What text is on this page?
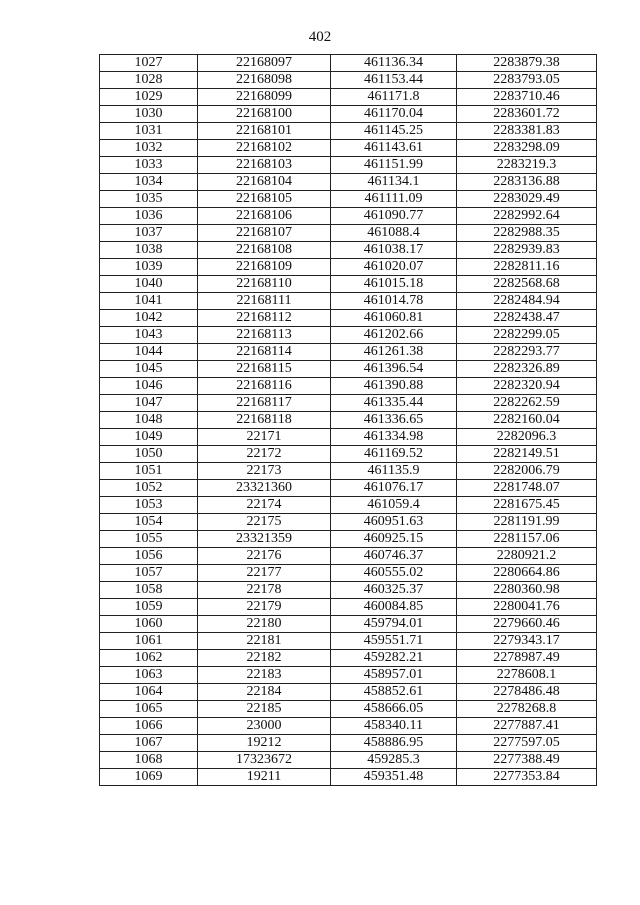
402
1027	22168097	461136.34	2283879.38
1028	22168098	461153.44	2283793.05
1029	22168099	461171.8	2283710.46
1030	22168100	461170.04	2283601.72
1031	22168101	461145.25	2283381.83
1032	22168102	461143.61	2283298.09
1033	22168103	461151.99	2283219.3
1034	22168104	461134.1	2283136.88
1035	22168105	461111.09	2283029.49
1036	22168106	461090.77	2282992.64
1037	22168107	461088.4	2282988.35
1038	22168108	461038.17	2282939.83
1039	22168109	461020.07	2282811.16
1040	22168110	461015.18	2282568.68
1041	22168111	461014.78	2282484.94
1042	22168112	461060.81	2282438.47
1043	22168113	461202.66	2282299.05
1044	22168114	461261.38	2282293.77
1045	22168115	461396.54	2282326.89
1046	22168116	461390.88	2282320.94
1047	22168117	461335.44	2282262.59
1048	22168118	461336.65	2282160.04
1049	22171	461334.98	2282096.3
1050	22172	461169.52	2282149.51
1051	22173	461135.9	2282006.79
1052	23321360	461076.17	2281748.07
1053	22174	461059.4	2281675.45
1054	22175	460951.63	2281191.99
1055	23321359	460925.15	2281157.06
1056	22176	460746.37	2280921.2
1057	22177	460555.02	2280664.86
1058	22178	460325.37	2280360.98
1059	22179	460084.85	2280041.76
1060	22180	459794.01	2279660.46
1061	22181	459551.71	2279343.17
1062	22182	459282.21	2278987.49
1063	22183	458957.01	2278608.1
1064	22184	458852.61	2278486.48
1065	22185	458666.05	2278268.8
1066	23000	458340.11	2277887.41
1067	19212	458886.95	2277597.05
1068	17323672	459285.3	2277388.49
1069	19211	459351.48	2277353.84
